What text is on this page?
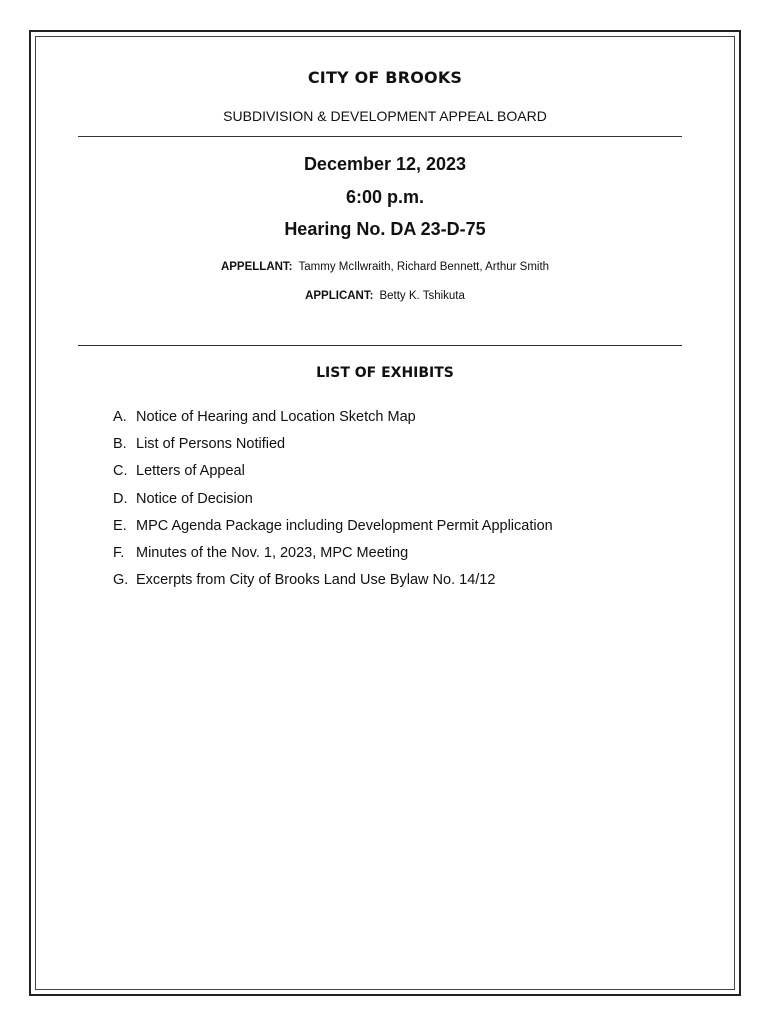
CITY OF BROOKS
SUBDIVISION & DEVELOPMENT APPEAL BOARD
December 12, 2023
6:00 p.m.
Hearing No. DA 23-D-75
APPELLANT: Tammy McIlwraith, Richard Bennett, Arthur Smith
APPLICANT: Betty K. Tshikuta
LIST OF EXHIBITS
A. Notice of Hearing and Location Sketch Map
B. List of Persons Notified
C. Letters of Appeal
D. Notice of Decision
E. MPC Agenda Package including Development Permit Application
F. Minutes of the Nov. 1, 2023, MPC Meeting
G. Excerpts from City of Brooks Land Use Bylaw No. 14/12
